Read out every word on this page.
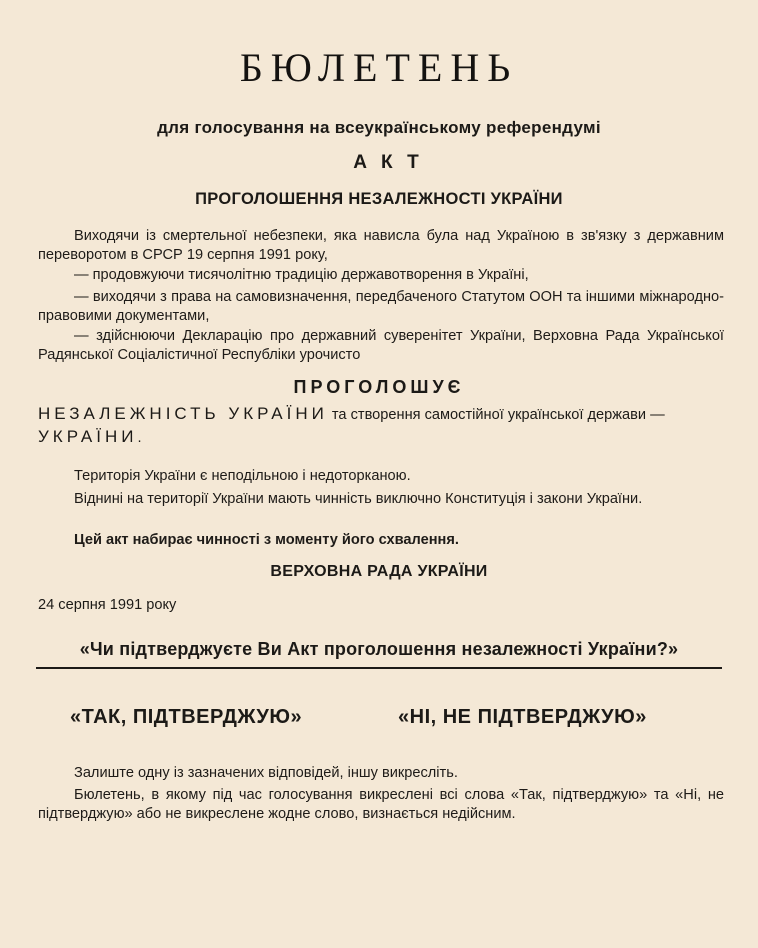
БЮЛЕТЕНЬ
для голосування на всеукраїнському референдумі
АКТ
ПРОГОЛОШЕННЯ НЕЗАЛЕЖНОСТІ УКРАЇНИ
Виходячи із смертельної небезпеки, яка нависла була над Україною в зв'язку з державним переворотом в СРСР 19 серпня 1991 року,
— продовжуючи тисячолітню традицію державотворення в Україні,
— виходячи з права на самовизначення, передбаченого Статутом ООН та іншими міжнародно-правовими документами,
— здійснюючи Декларацію про державний суверенітет України, Верховна Рада Української Радянської Соціалістичної Республіки урочисто
ПРОГОЛОШУЄ
НЕЗАЛЕЖНІСТЬ УКРАЇНИ та створення самостійної української держави — УКРАЇНИ.
Територія України є неподільною і недоторканою.
Віднині на території України мають чинність виключно Конституція і закони України.
Цей акт набирає чинності з моменту його схвалення.
ВЕРХОВНА РАДА УКРАЇНИ
24 серпня 1991 року
«Чи підтверджуєте Ви Акт проголошення незалежності України?»
«ТАК, ПІДТВЕРДЖУЮ»	«НІ, НЕ ПІДТВЕРДЖУЮ»
Залиште одну із зазначених відповідей, іншу викресліть.
Бюлетень, в якому під час голосування викреслені всі слова «Так, підтверджую» та «Ні, не підтверджую» або не викреслене жодне слово, визнається недійсним.
